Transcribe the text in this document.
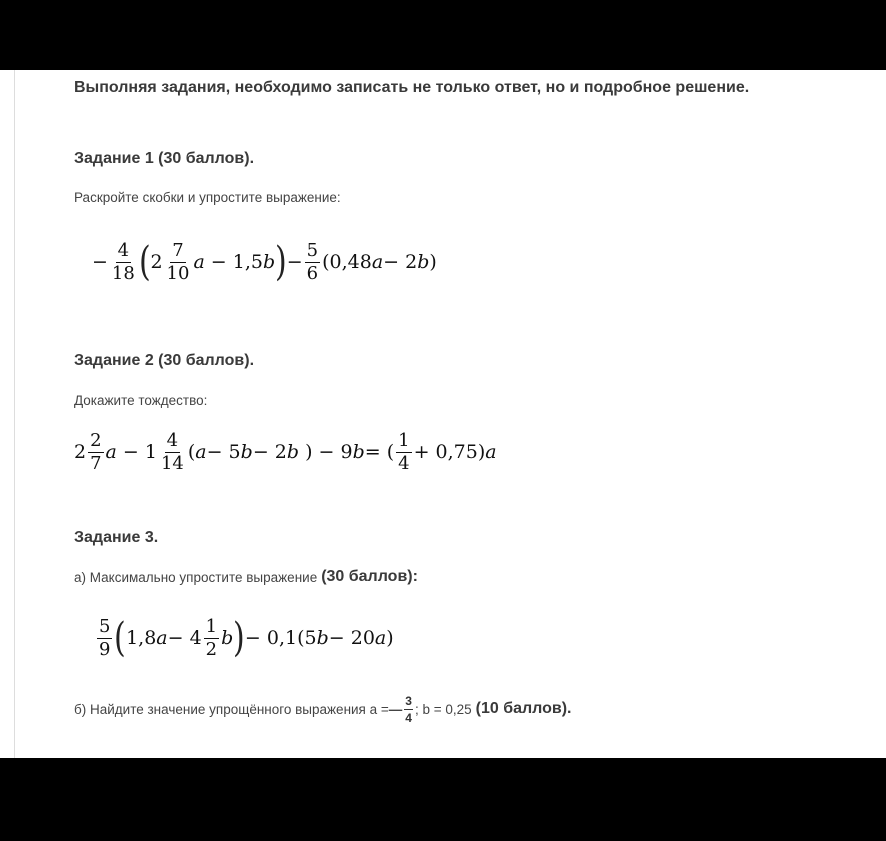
Выполняя задания, необходимо записать не только ответ, но и подробное решение.
Задание 1 (30 баллов).
Раскройте скобки и упростите выражение:
− $\frac{4}{18}$ ( $2 \frac{7}{10}$ a − 1,5 b ) − $\frac{5}{6} (0,48$ a − 2 b )
Задание 2 (30 баллов).
Докажите тождество:
$2 \frac{2}{7}$ $a - 1 \frac{4}{14}$ ( a − 5 b − 2 b ) − 9 b = ( $\frac{1}{4} + 0,75$) a
Задание 3.
а) Максимально упростите выражение (30 баллов):
$\frac{5}{9}$ ( 1,8 $a - 4 \frac{1}{2}$ b ) − 0,1(5 b − 20 a )
б) Найдите значение упрощённого выражения a = — $\frac{3}{4}$ ; b = 0,25 (10 баллов).
